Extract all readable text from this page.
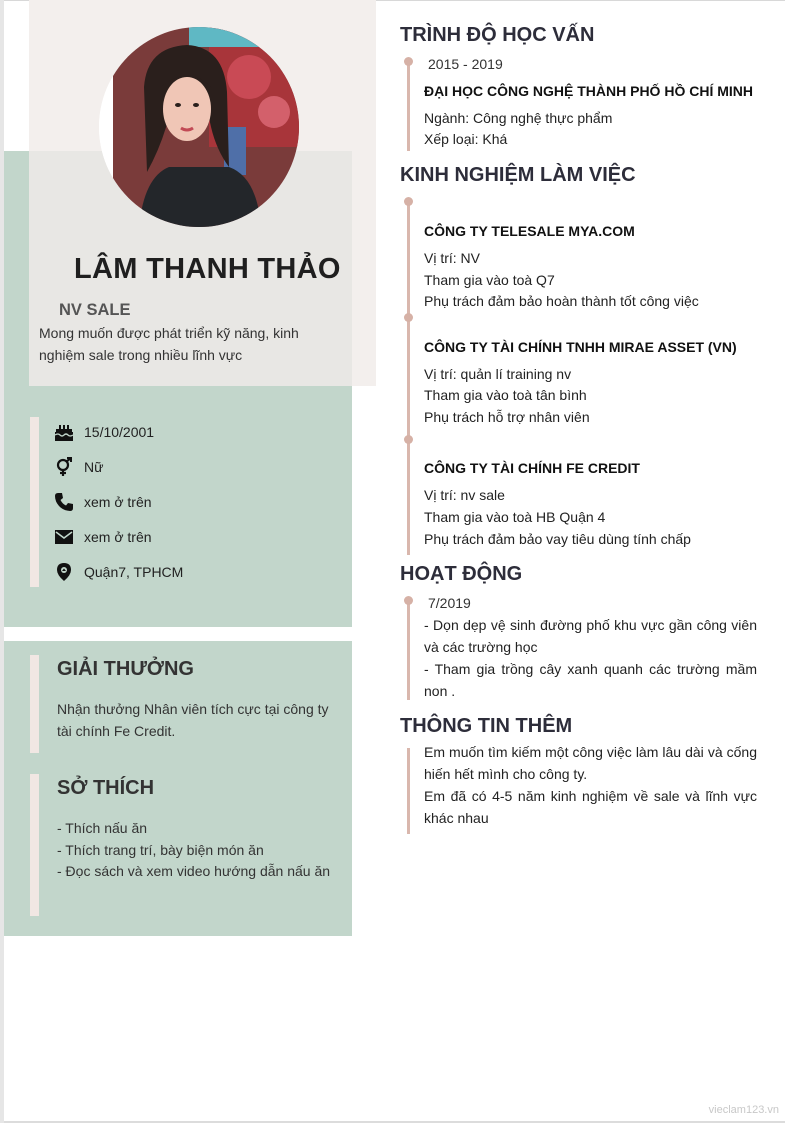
LÂM THANH THẢO
NV SALE
Mong muốn được phát triển kỹ năng, kinh nghiệm sale trong nhiều lĩnh vực
15/10/2001
Nữ
xem ở trên
xem ở trên
Quận7, TPHCM
GIẢI THƯỞNG
Nhận thưởng Nhân viên tích cực tại công ty tài chính Fe Credit.
SỞ THÍCH
- Thích nấu ăn
- Thích trang trí, bày biện món ăn
- Đọc sách và xem video hướng dẫn nấu ăn
TRÌNH ĐỘ HỌC VẤN
2015 - 2019
ĐẠI HỌC CÔNG NGHỆ THÀNH PHỐ HỒ CHÍ MINH
Ngành: Công nghệ thực phẩm
Xếp loại: Khá
KINH NGHIỆM LÀM VIỆC
CÔNG TY TELESALE MYA.COM
Vị trí: NV
Tham gia vào toà Q7
Phụ trách đảm bảo hoàn thành tốt công việc
CÔNG TY TÀI CHÍNH TNHH MIRAE ASSET (VN)
Vị trí: quản lí training nv
Tham gia vào toà tân bình
Phụ trách hỗ trợ nhân viên
CÔNG TY TÀI CHÍNH FE CREDIT
Vị trí: nv sale
Tham gia vào toà HB Quận 4
Phụ trách đảm bảo vay tiêu dùng tính chấp
HOẠT ĐỘNG
7/2019
- Dọn dẹp vệ sinh đường phố khu vực gần công viên và các trường học
- Tham gia trồng cây xanh quanh các trường mầm non .
THÔNG TIN THÊM
Em muốn tìm kiếm một công việc làm lâu dài và cống hiến hết mình cho công ty.
Em đã có 4-5 năm kinh nghiệm về sale và lĩnh vực khác nhau
vieclam123.vn
